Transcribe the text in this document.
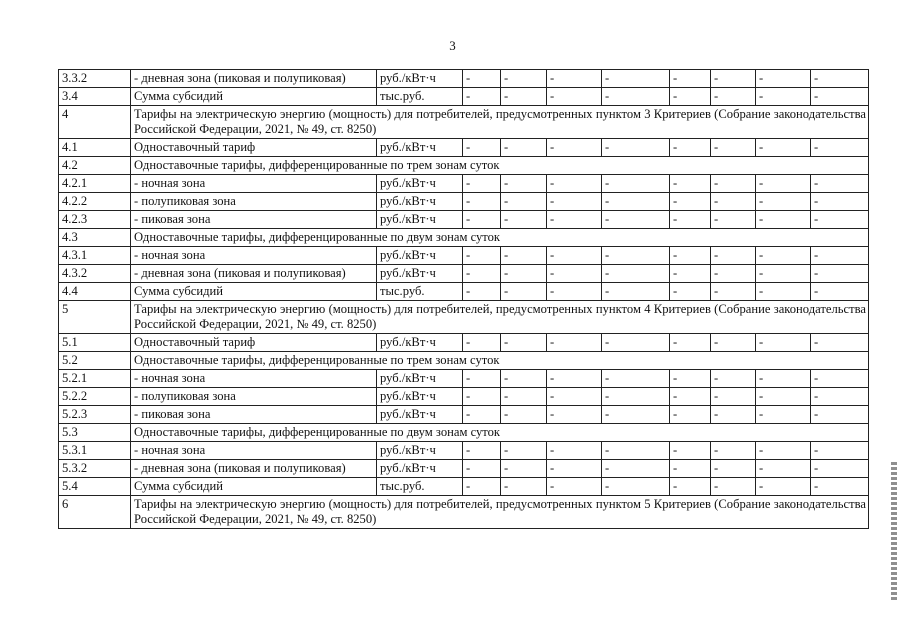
3
3.3.2	- дневная зона (пиковая и полупиковая)	руб./кВт·ч	-	-	-	-	-	-	-	-
3.4	Сумма субсидий	тыс.руб.	-	-	-	-	-	-	-	-
4	Тарифы на электрическую энергию (мощность) для потребителей, предусмотренных пунктом 3 Критериев (Собрание законодательства Российской Федерации, 2021, № 49, ст. 8250)									
4.1	Одноставочный тариф	руб./кВт·ч	-	-	-	-	-	-	-	-
4.2	Одноставочные тарифы, дифференцированные по трем зонам суток									
4.2.1	- ночная зона	руб./кВт·ч	-	-	-	-	-	-	-	-
4.2.2	- полупиковая зона	руб./кВт·ч	-	-	-	-	-	-	-	-
4.2.3	- пиковая зона	руб./кВт·ч	-	-	-	-	-	-	-	-
4.3	Одноставочные тарифы, дифференцированные по двум зонам суток									
4.3.1	- ночная зона	руб./кВт·ч	-	-	-	-	-	-	-	-
4.3.2	- дневная зона (пиковая и полупиковая)	руб./кВт·ч	-	-	-	-	-	-	-	-
4.4	Сумма субсидий	тыс.руб.	-	-	-	-	-	-	-	-
5	Тарифы на электрическую энергию (мощность) для потребителей, предусмотренных пунктом 4 Критериев (Собрание законодательства Российской Федерации, 2021, № 49, ст. 8250)									
5.1	Одноставочный тариф	руб./кВт·ч	-	-	-	-	-	-	-	-
5.2	Одноставочные тарифы, дифференцированные по трем зонам суток									
5.2.1	- ночная зона	руб./кВт·ч	-	-	-	-	-	-	-	-
5.2.2	- полупиковая зона	руб./кВт·ч	-	-	-	-	-	-	-	-
5.2.3	- пиковая зона	руб./кВт·ч	-	-	-	-	-	-	-	-
5.3	Одноставочные тарифы, дифференцированные по двум зонам суток									
5.3.1	- ночная зона	руб./кВт·ч	-	-	-	-	-	-	-	-
5.3.2	- дневная зона (пиковая и полупиковая)	руб./кВт·ч	-	-	-	-	-	-	-	-
5.4	Сумма субсидий	тыс.руб.	-	-	-	-	-	-	-	-
6	Тарифы на электрическую энергию (мощность) для потребителей, предусмотренных пунктом 5 Критериев (Собрание законодательства Российской Федерации, 2021, № 49, ст. 8250)									
